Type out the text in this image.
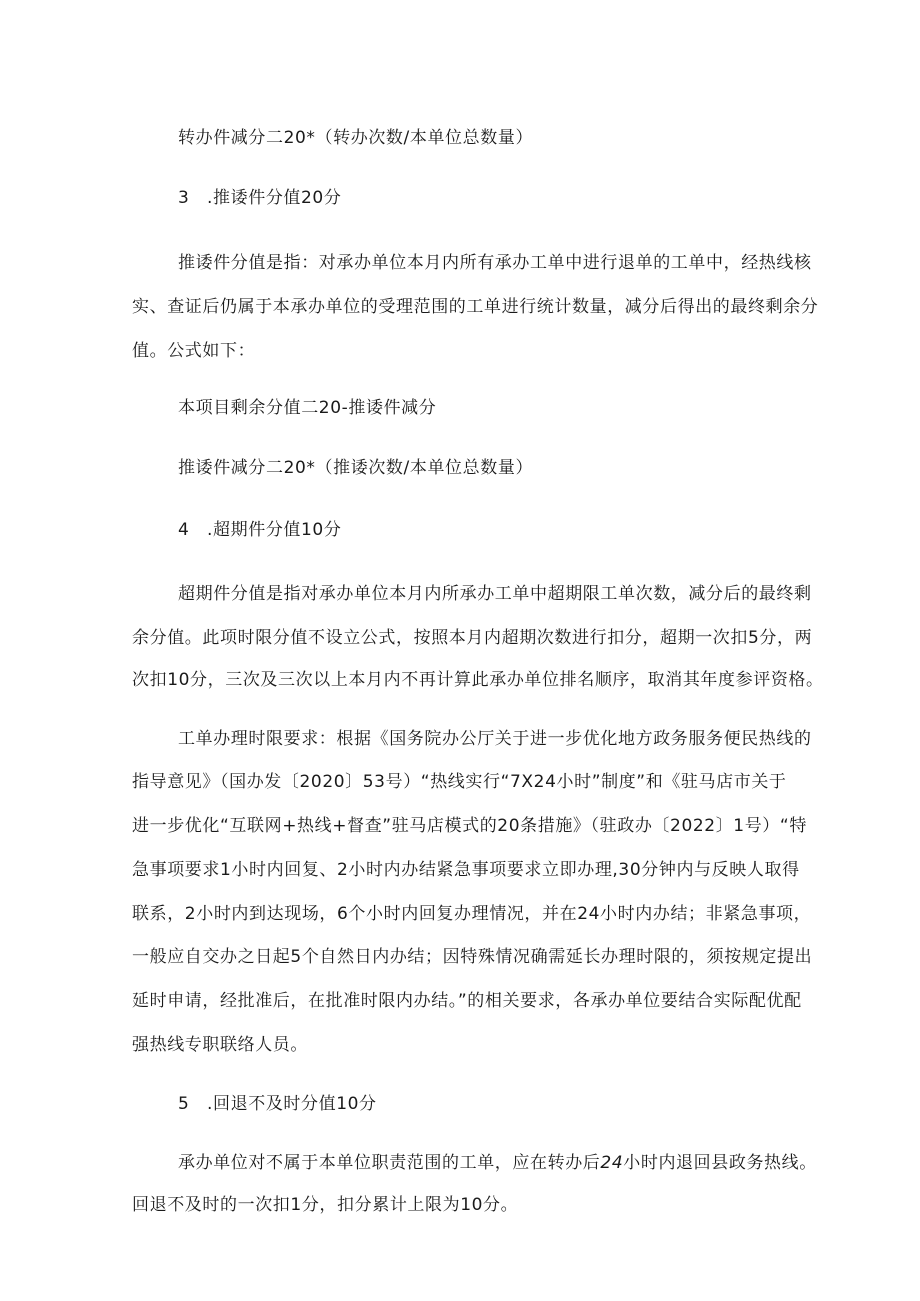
转办件减分二20*（转办次数/本单位总数量）
3　.推诿件分值20分
推诿件分值是指：对承办单位本月内所有承办工单中进行退单的工单中，经热线核
实、查证后仍属于本承办单位的受理范围的工单进行统计数量，减分后得出的最终剩余分
值。公式如下：
本项目剩余分值二20-推诿件减分
推诿件减分二20*（推诿次数/本单位总数量）
4　.超期件分值10分
超期件分值是指对承办单位本月内所承办工单中超期限工单次数，减分后的最终剩
余分值。此项时限分值不设立公式，按照本月内超期次数进行扣分，超期一次扣5分，两
次扣10分，三次及三次以上本月内不再计算此承办单位排名顺序，取消其年度参评资格。
工单办理时限要求：根据《国务院办公厅关于进一步优化地方政务服务便民热线的
指导意见》（国办发〔2020〕53号）“热线实行“7X24小时”制度”和《驻马店市关于
进一步优化“互联网+热线+督查”驻马店模式的20条措施》（驻政办〔2022〕1号）“特
急事项要求1小时内回复、2小时内办结紧急事项要求立即办理,30分钟内与反映人取得
联系，2小时内到达现场，6个小时内回复办理情况，并在24小时内办结；非紧急事项，
一般应自交办之日起5个自然日内办结；因特殊情况确需延长办理时限的，须按规定提出
延时申请，经批准后，在批准时限内办结。”的相关要求，各承办单位要结合实际配优配
强热线专职联络人员。
5　.回退不及时分值10分
承办单位对不属于本单位职责范围的工单，应在转办后24小时内退回县政务热线。
回退不及时的一次扣1分，扣分累计上限为10分。
